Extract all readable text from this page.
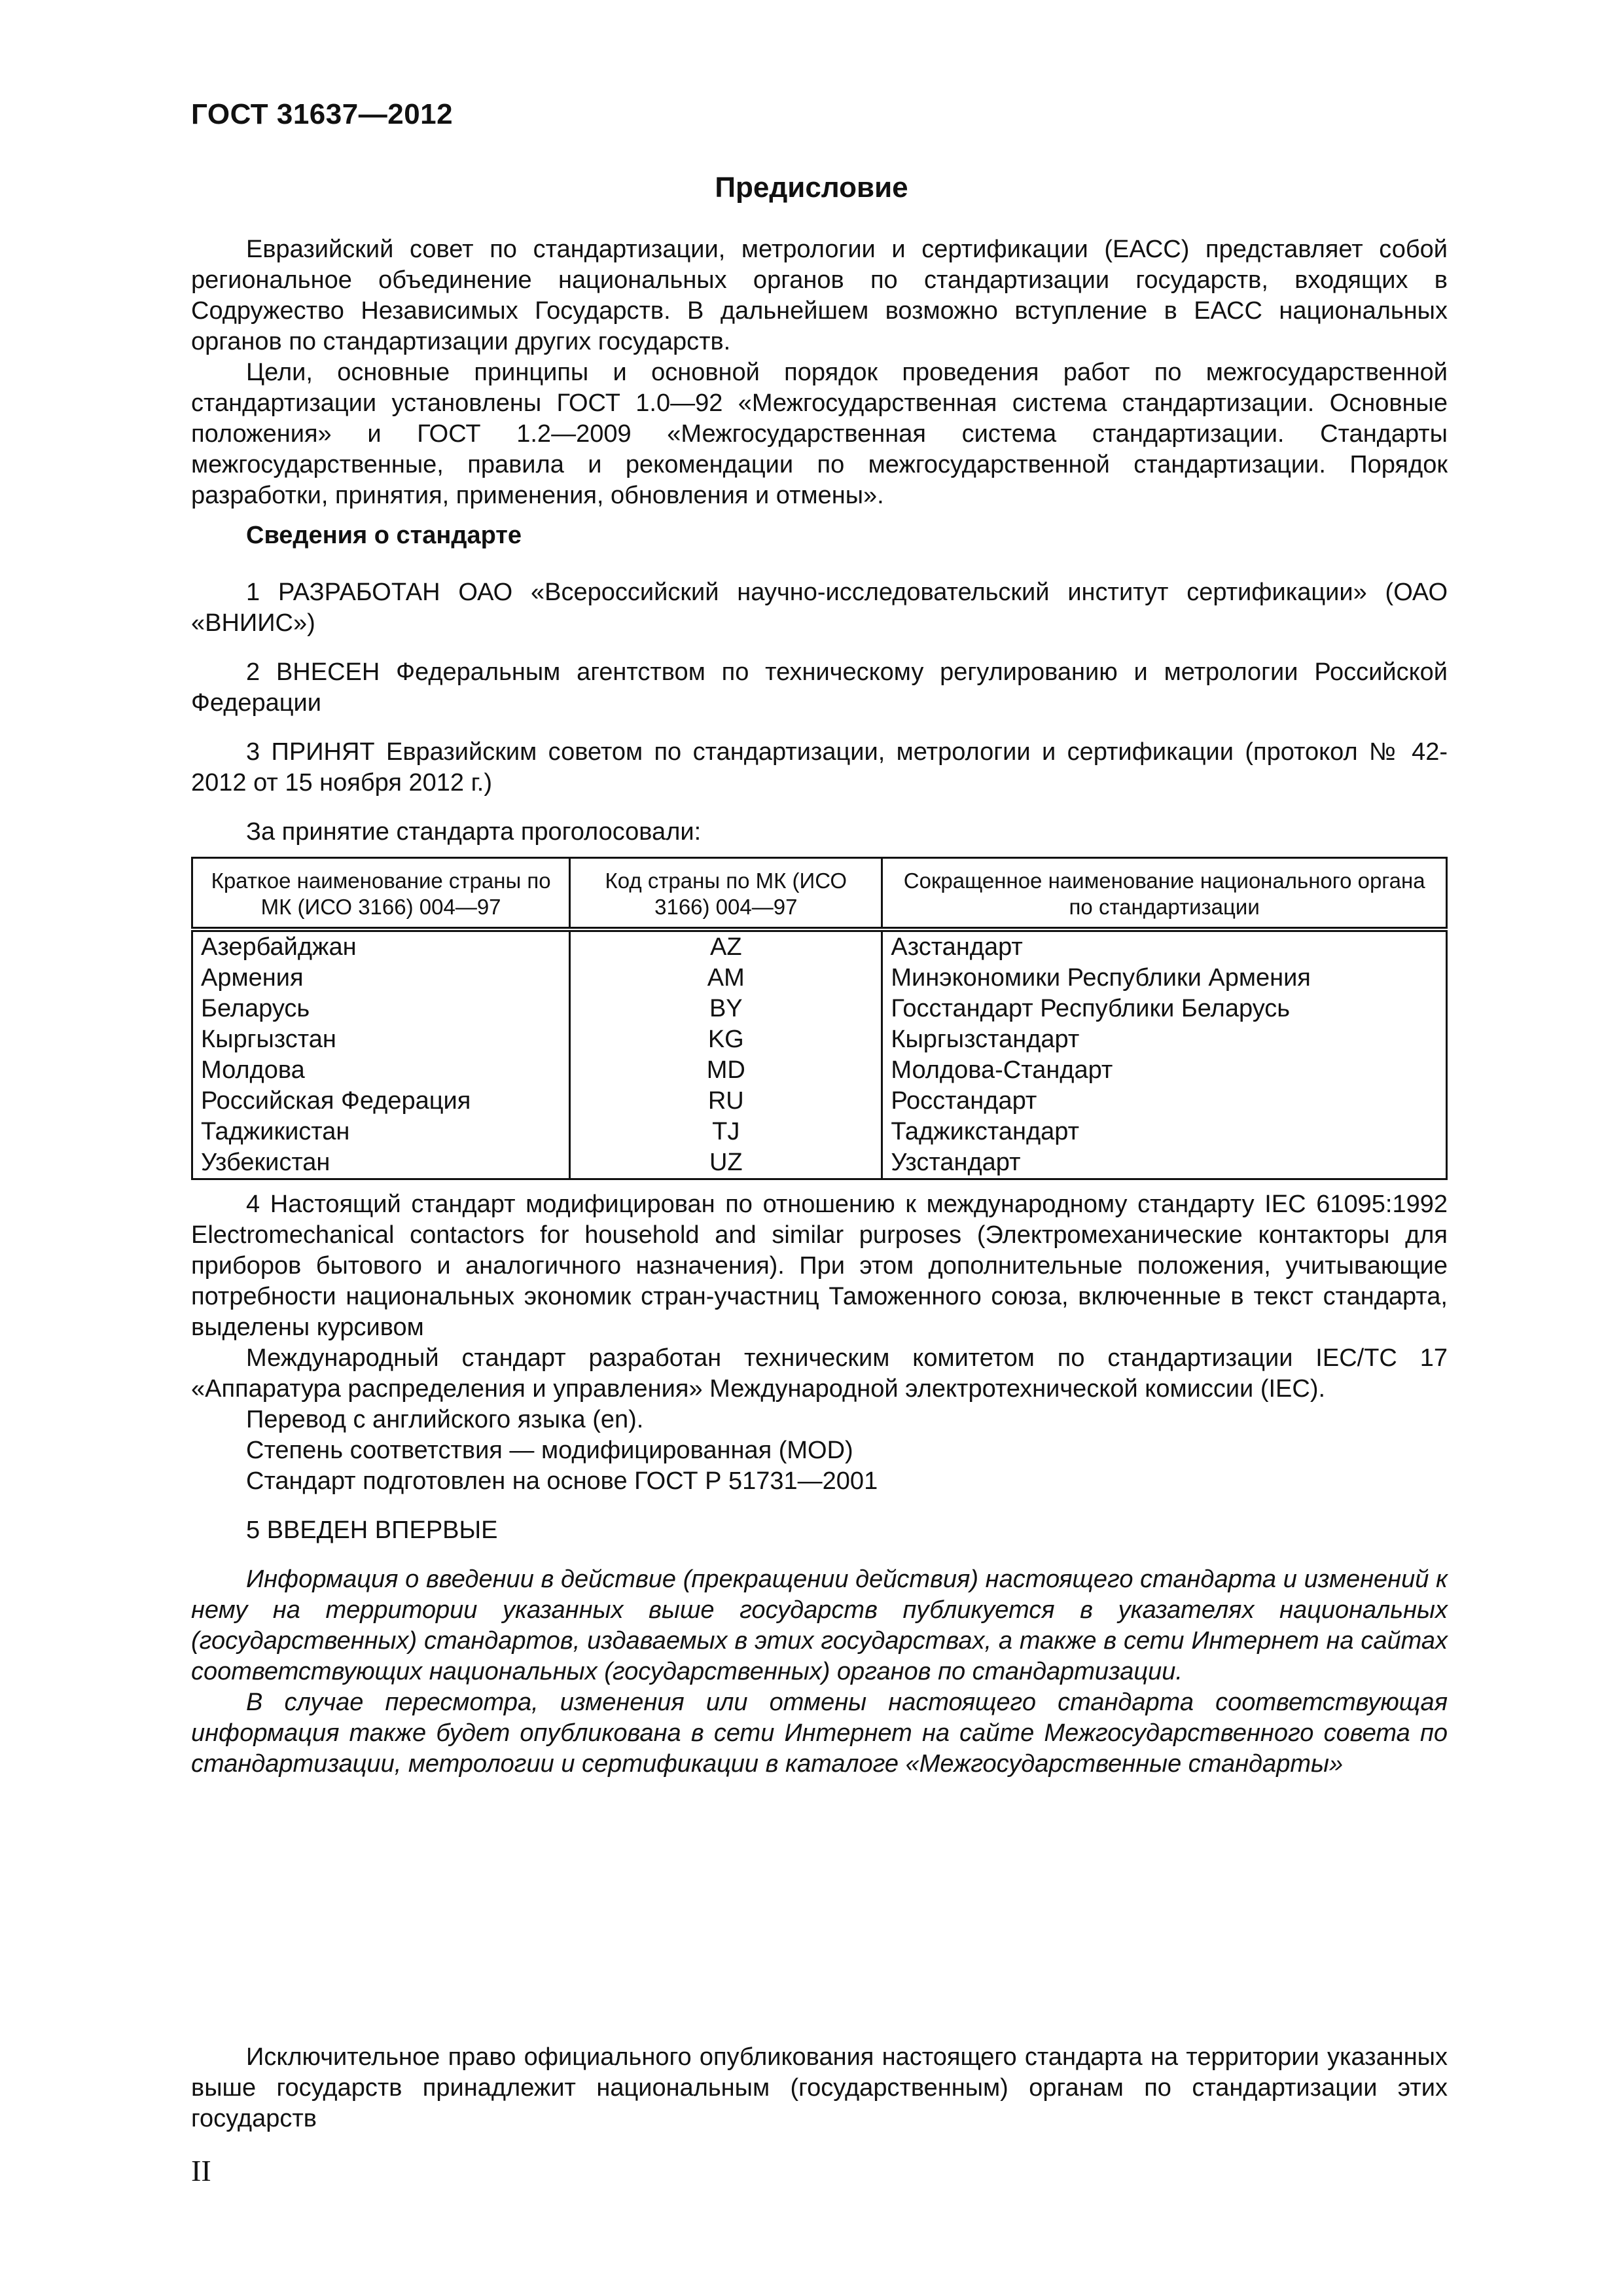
ГОСТ 31637—2012
Предисловие

Евразийский совет по стандартизации, метрологии и сертификации (ЕАСС) представляет собой региональное объединение национальных органов по стандартизации государств, входящих в Содружество Независимых Государств. В дальнейшем возможно вступление в ЕАСС национальных органов по стандартизации других государств.

Цели, основные принципы и основной порядок проведения работ по межгосударственной стандартизации установлены ГОСТ 1.0—92 «Межгосударственная система стандартизации. Основные положения» и ГОСТ 1.2—2009 «Межгосударственная система стандартизации. Стандарты межгосударственные, правила и рекомендации по межгосударственной стандартизации. Порядок разработки, принятия, применения, обновления и отмены».

Сведения о стандарте

1 РАЗРАБОТАН ОАО «Всероссийский научно-исследовательский институт сертификации» (ОАО «ВНИИС»)

2 ВНЕСЕН Федеральным агентством по техническому регулированию и метрологии Российской Федерации

3 ПРИНЯТ Евразийским советом по стандартизации, метрологии и сертификации (протокол № 42-2012 от 15 ноября 2012 г.)

За принятие стандарта проголосовали:

Краткое наименование страны по МК (ИСО 3166) 004—97	Код страны по МК (ИСО 3166) 004—97	Сокращенное наименование национального органа по стандартизации
Азербайджан	AZ	Азстандарт
Армения	AM	Минэкономики Республики Армения
Беларусь	BY	Госстандарт Республики Беларусь
Кыргызстан	KG	Кыргызстандарт
Молдова	MD	Молдова-Стандарт
Российская Федерация	RU	Росстандарт
Таджикистан	TJ	Таджикстандарт
Узбекистан	UZ	Узстандарт

4 Настоящий стандарт модифицирован по отношению к международному стандарту IEC 61095:1992 Electromechanical contactors for household and similar purposes (Электромеханические контакторы для приборов бытового и аналогичного назначения). При этом дополнительные положения, учитывающие потребности национальных экономик стран-участниц Таможенного союза, включенные в текст стандарта, выделены курсивом

Международный стандарт разработан техническим комитетом по стандартизации IEC/TC 17 «Аппаратура распределения и управления» Международной электротехнической комиссии (IEC).

Перевод с английского языка (en).

Степень соответствия — модифицированная (MOD)

Стандарт подготовлен на основе ГОСТ Р 51731—2001

5 ВВЕДЕН ВПЕРВЫЕ

Информация о введении в действие (прекращении действия) настоящего стандарта и изменений к нему на территории указанных выше государств публикуется в указателях национальных (государственных) стандартов, издаваемых в этих государствах, а также в сети Интернет на сайтах соответствующих национальных (государственных) органов по стандартизации.

В случае пересмотра, изменения или отмены настоящего стандарта соответствующая информация также будет опубликована в сети Интернет на сайте Межгосударственного совета по стандартизации, метрологии и сертификации в каталоге «Межгосударственные стандарты»

Исключительное право официального опубликования настоящего стандарта на территории указанных выше государств принадлежит национальным (государственным) органам по стандартизации этих государств

II
